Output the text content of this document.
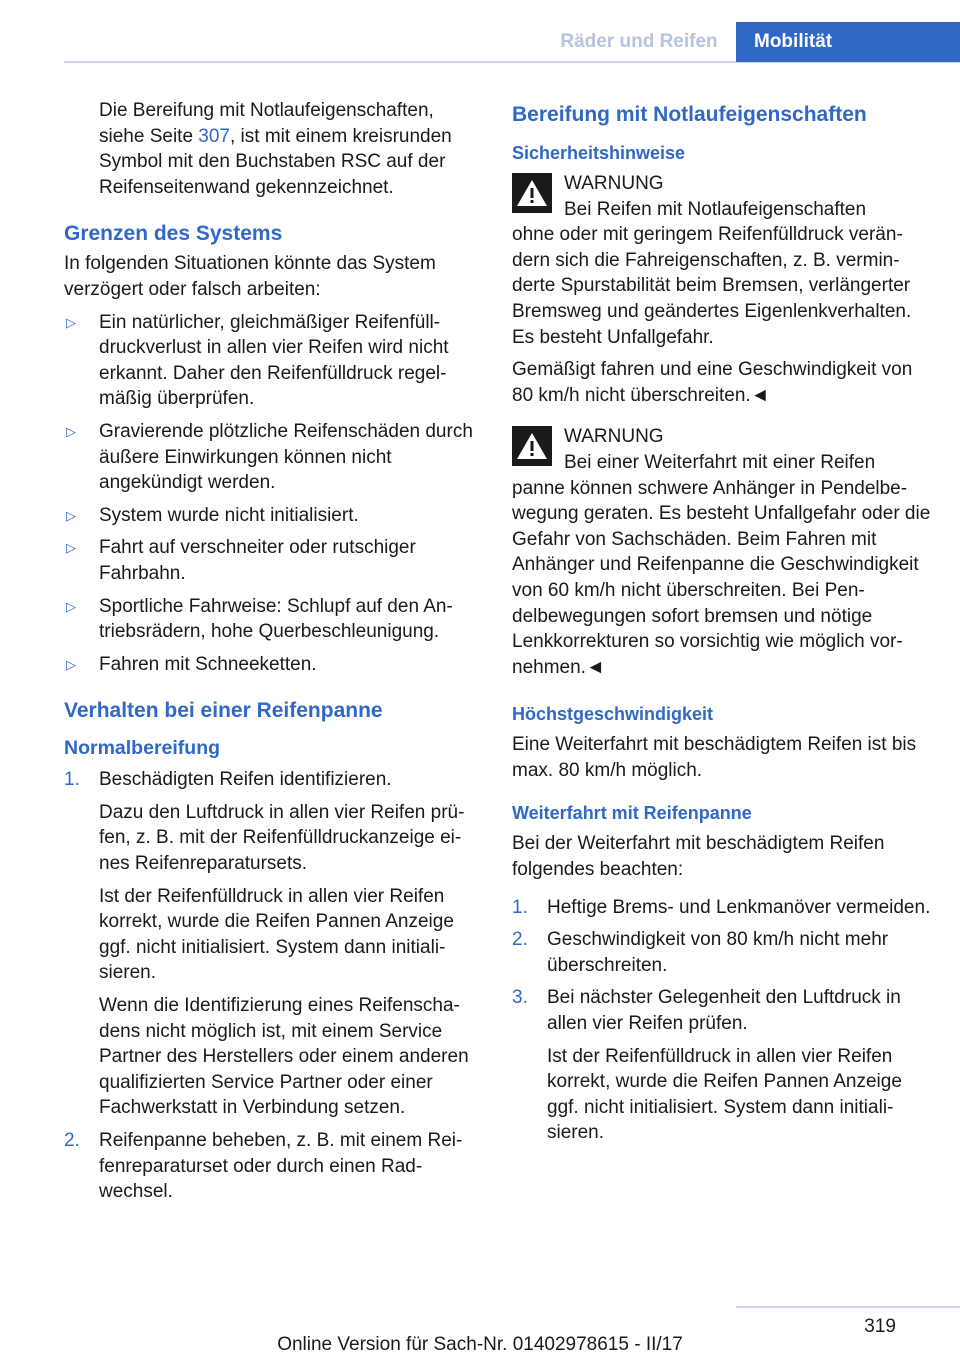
Räder und Reifen	Mobilität

Die Bereifung mit Notlaufeigenschaften, siehe Seite 307, ist mit einem kreisrunden Symbol mit den Buchstaben RSC auf der Reifenseitenwand gekennzeichnet.

Grenzen des Systems

In folgenden Situationen könnte das System verzögert oder falsch arbeiten:

▷ Ein natürlicher, gleichmäßiger Reifenfülldruckverlust in allen vier Reifen wird nicht erkannt. Daher den Reifenfülldruck regelmäßig überprüfen.
▷ Gravierende plötzliche Reifenschäden durch äußere Einwirkungen können nicht angekündigt werden.
▷ System wurde nicht initialisiert.
▷ Fahrt auf verschneiter oder rutschiger Fahrbahn.
▷ Sportliche Fahrweise: Schlupf auf den Antriebsrädern, hohe Querbeschleunigung.
▷ Fahren mit Schneeketten.
Verhalten bei einer Reifenpanne
Normalbereifung
1. Beschädigten Reifen identifizieren.

Dazu den Luftdruck in allen vier Reifen prüfen, z. B. mit der Reifenfülldruckanzeige eines Reifenreparatursets.

Ist der Reifenfülldruck in allen vier Reifen korrekt, wurde die Reifen Pannen Anzeige ggf. nicht initialisiert. System dann initialisieren.

Wenn die Identifizierung eines Reifenschadens nicht möglich ist, mit einem Service Partner des Herstellers oder einem anderen qualifizierten Service Partner oder einer Fachwerkstatt in Verbindung setzen.

2. Reifenpanne beheben, z. B. mit einem Reifenreparaturset oder durch einen Radwechsel.

Bereifung mit Notlaufeigenschaften
Sicherheitshinweise
WARNUNG
Bei Reifen mit Notlaufeigenschaften

ohne oder mit geringem Reifenfülldruck verändern sich die Fahreigenschaften, z. B. verminderte Spurstabilität beim Bremsen, verlängerter Bremsweg und geändertes Eigenlenkverhalten. Es besteht Unfallgefahr.

Gemäßigt fahren und eine Geschwindigkeit von 80 km/h nicht überschreiten.◄

WARNUNG
Bei einer Weiterfahrt mit einer Reifen

panne können schwere Anhänger in Pendelbewegung geraten. Es besteht Unfallgefahr oder die Gefahr von Sachschäden. Beim Fahren mit Anhänger und Reifenpanne die Geschwindigkeit von 60 km/h nicht überschreiten. Bei Pendelbewegungen sofort bremsen und nötige Lenkkorrekturen so vorsichtig wie möglich vornehmen.◄

Höchstgeschwindigkeit

Eine Weiterfahrt mit beschädigtem Reifen ist bis max. 80 km/h möglich.

Weiterfahrt mit Reifenpanne

Bei der Weiterfahrt mit beschädigtem Reifen folgendes beachten:

1. Heftige Brems- und Lenkmanöver vermeiden.

2. Geschwindigkeit von 80 km/h nicht mehr überschreiten.

3. Bei nächster Gelegenheit den Luftdruck in allen vier Reifen prüfen.

Ist der Reifenfülldruck in allen vier Reifen korrekt, wurde die Reifen Pannen Anzeige ggf. nicht initialisiert. System dann initialisieren.

319
Online Version für Sach-Nr. 01402978615 - II/17
